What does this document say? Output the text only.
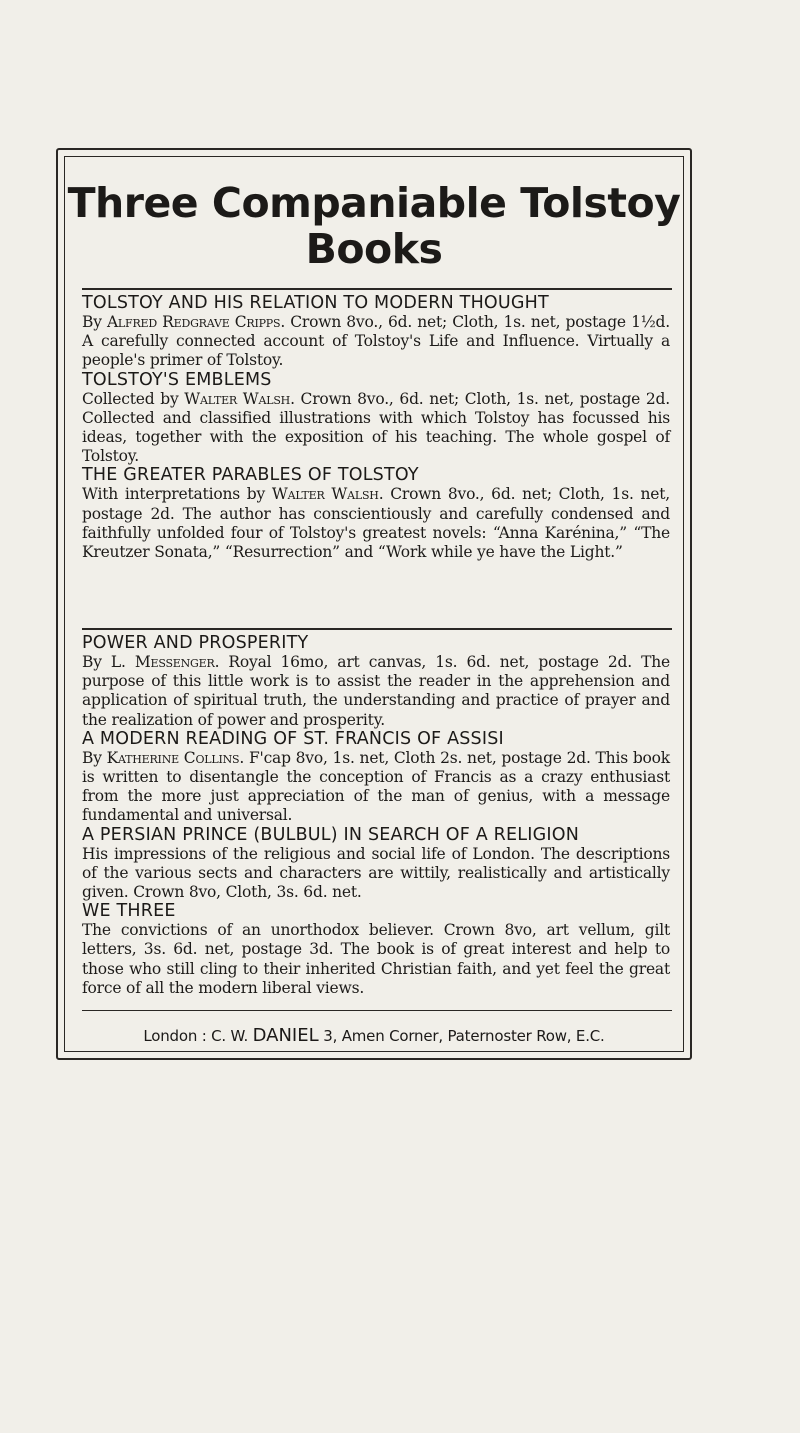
Three Companiable Tolstoy
Books

TOLSTOY AND HIS RELATION TO MODERN THOUGHT

By Alfred Redgrave Cripps. Crown 8vo., 6d. net; Cloth, 1s. net, postage 1½d. A carefully connected account of Tolstoy's Life and Influence. Virtually a people's primer of Tolstoy.

TOLSTOY'S EMBLEMS

Collected by Walter Walsh. Crown 8vo., 6d. net; Cloth, 1s. net, postage 2d. Collected and classified illustrations with which Tolstoy has focussed his ideas, together with the exposition of his teaching. The whole gospel of Tolstoy.

THE GREATER PARABLES OF TOLSTOY

With interpretations by Walter Walsh. Crown 8vo., 6d. net; Cloth, 1s. net, postage 2d. The author has conscientiously and carefully condensed and faithfully unfolded four of Tolstoy's greatest novels: “Anna Karénina,” “The Kreutzer Sonata,” “Resurrection” and “Work while ye have the Light.”

POWER AND PROSPERITY

By L. Messenger. Royal 16mo, art canvas, 1s. 6d. net, postage 2d. The purpose of this little work is to assist the reader in the apprehension and application of spiritual truth, the understanding and practice of prayer and the realization of power and prosperity.

A MODERN READING OF ST. FRANCIS OF ASSISI

By Katherine Collins. F'cap 8vo, 1s. net, Cloth 2s. net, postage 2d. This book is written to disentangle the conception of Francis as a crazy enthusiast from the more just appreciation of the man of genius, with a message fundamental and universal.

A PERSIAN PRINCE (BULBUL) IN SEARCH OF A RELIGION

His impressions of the religious and social life of London. The descriptions of the various sects and characters are wittily, realistically and artistically given. Crown 8vo, Cloth, 3s. 6d. net.

WE THREE

The convictions of an unorthodox believer. Crown 8vo, art vellum, gilt letters, 3s. 6d. net, postage 3d. The book is of great interest and help to those who still cling to their inherited Christian faith, and yet feel the great force of all the modern liberal views.

London : C. W. DANIEL 3, Amen Corner, Paternoster Row, E.C.
